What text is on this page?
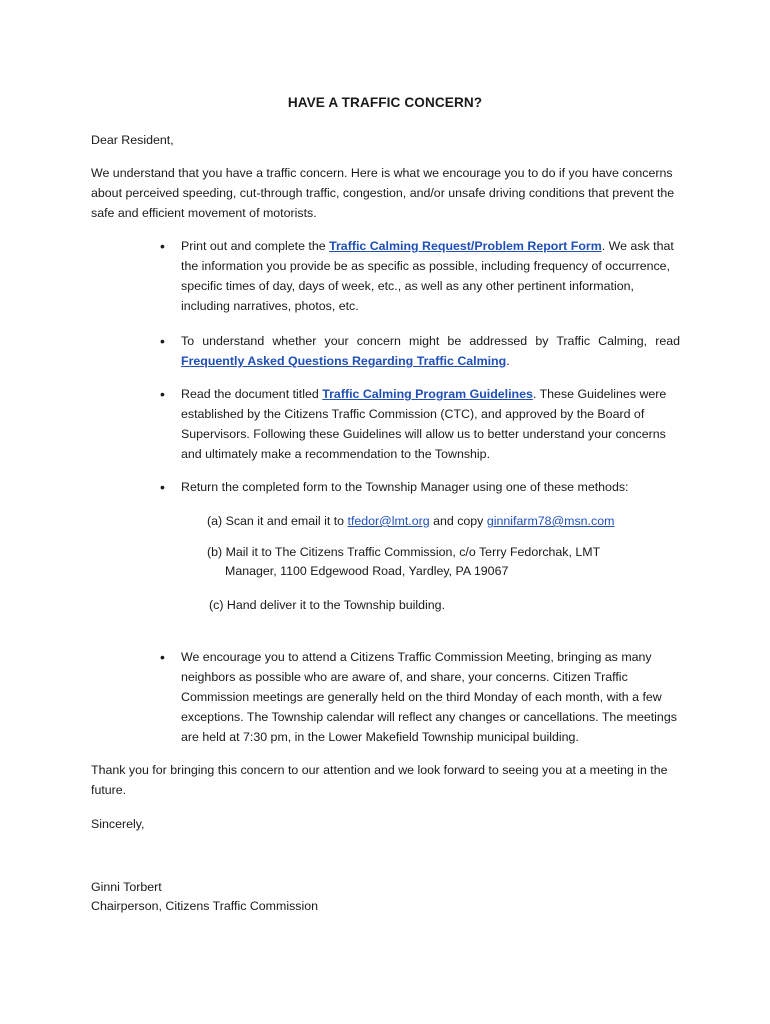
HAVE A TRAFFIC CONCERN?
Dear Resident,
We understand that you have a traffic concern. Here is what we encourage you to do if you have concerns about perceived speeding, cut-through traffic, congestion, and/or unsafe driving conditions that prevent the safe and efficient movement of motorists.
• Print out and complete the Traffic Calming Request/Problem Report Form. We ask that the information you provide be as specific as possible, including frequency of occurrence, specific times of day, days of week, etc., as well as any other pertinent information, including narratives, photos, etc.
• To understand whether your concern might be addressed by Traffic Calming, read Frequently Asked Questions Regarding Traffic Calming.
• Read the document titled Traffic Calming Program Guidelines. These Guidelines were established by the Citizens Traffic Commission (CTC), and approved by the Board of Supervisors. Following these Guidelines will allow us to better understand your concerns and ultimately make a recommendation to the Township.
• Return the completed form to the Township Manager using one of these methods:
(a) Scan it and email it to tfedor@lmt.org and copy ginnifarm78@msn.com
(b) Mail it to The Citizens Traffic Commission, c/o Terry Fedorchak, LMT
Manager, 1100 Edgewood Road, Yardley, PA 19067
(c) Hand deliver it to the Township building.
• We encourage you to attend a Citizens Traffic Commission Meeting, bringing as many neighbors as possible who are aware of, and share, your concerns. Citizen Traffic Commission meetings are generally held on the third Monday of each month, with a few exceptions. The Township calendar will reflect any changes or cancellations. The meetings are held at 7:30 pm, in the Lower Makefield Township municipal building.
Thank you for bringing this concern to our attention and we look forward to seeing you at a meeting in the future.
Sincerely,
Ginni Torbert
Chairperson, Citizens Traffic Commission
